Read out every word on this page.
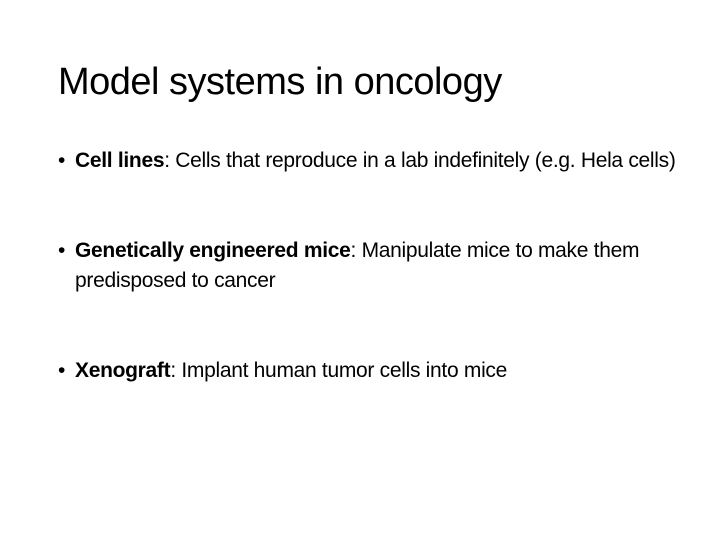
Model systems in oncology
• Cell lines: Cells that reproduce in a lab indefinitely (e.g. Hela cells)
• Genetically engineered mice: Manipulate mice to make them predisposed to cancer
• Xenograft: Implant human tumor cells into mice
